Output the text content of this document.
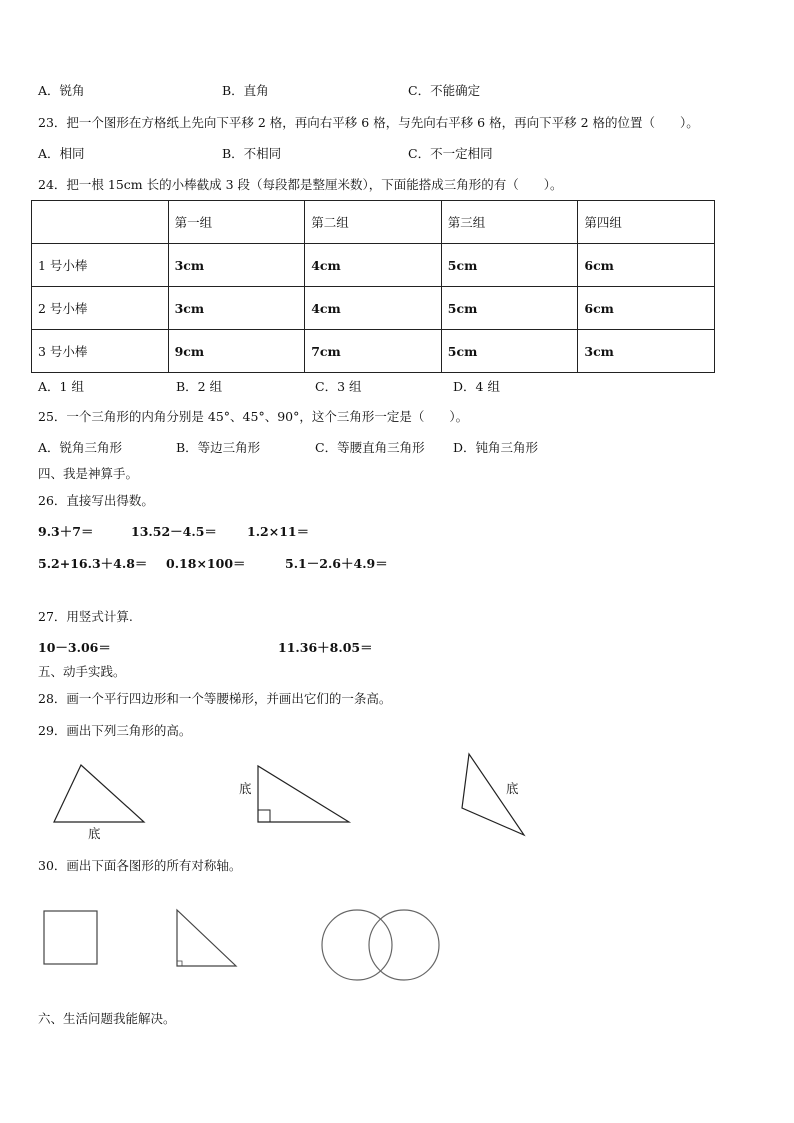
A．锐角	B．直角	C．不能确定
23．把一个图形在方格纸上先向下平移 2 格，再向右平移 6 格，与先向右平移 6 格，再向下平移 2 格的位置（　　）。
A．相同	B．不相同	C．不一定相同
24．把一根 15cm 长的小棒截成 3 段（每段都是整厘米数），下面能搭成三角形的有（　　）。
	第一组	第二组	第三组	第四组
1 号小棒	3cm	4cm	5cm	6cm
2 号小棒	3cm	4cm	5cm	6cm
3 号小棒	9cm	7cm	5cm	3cm
A．1 组	B．2 组	C．3 组	D．4 组
25．一个三角形的内角分别是 45°、45°、90°，这个三角形一定是（　　）。
A．锐角三角形	B．等边三角形	C．等腰直角三角形 D．钝角三角形
四、我是神算手。
26．直接写出得数。
9.3＋7＝	13.52－4.5＝ 1.2×11＝
5.2+16.3＋4.8＝ 0.18×100＝	5.1－2.6＋4.9＝
27．用竖式计算.
10－3.06＝	11.36＋8.05＝
五、动手实践。
28．画一个平行四边形和一个等腰梯形，并画出它们的一条高。
29．画出下列三角形的高。
底
底	底
30．画出下面各图形的所有对称轴。
六、生活问题我能解决。
